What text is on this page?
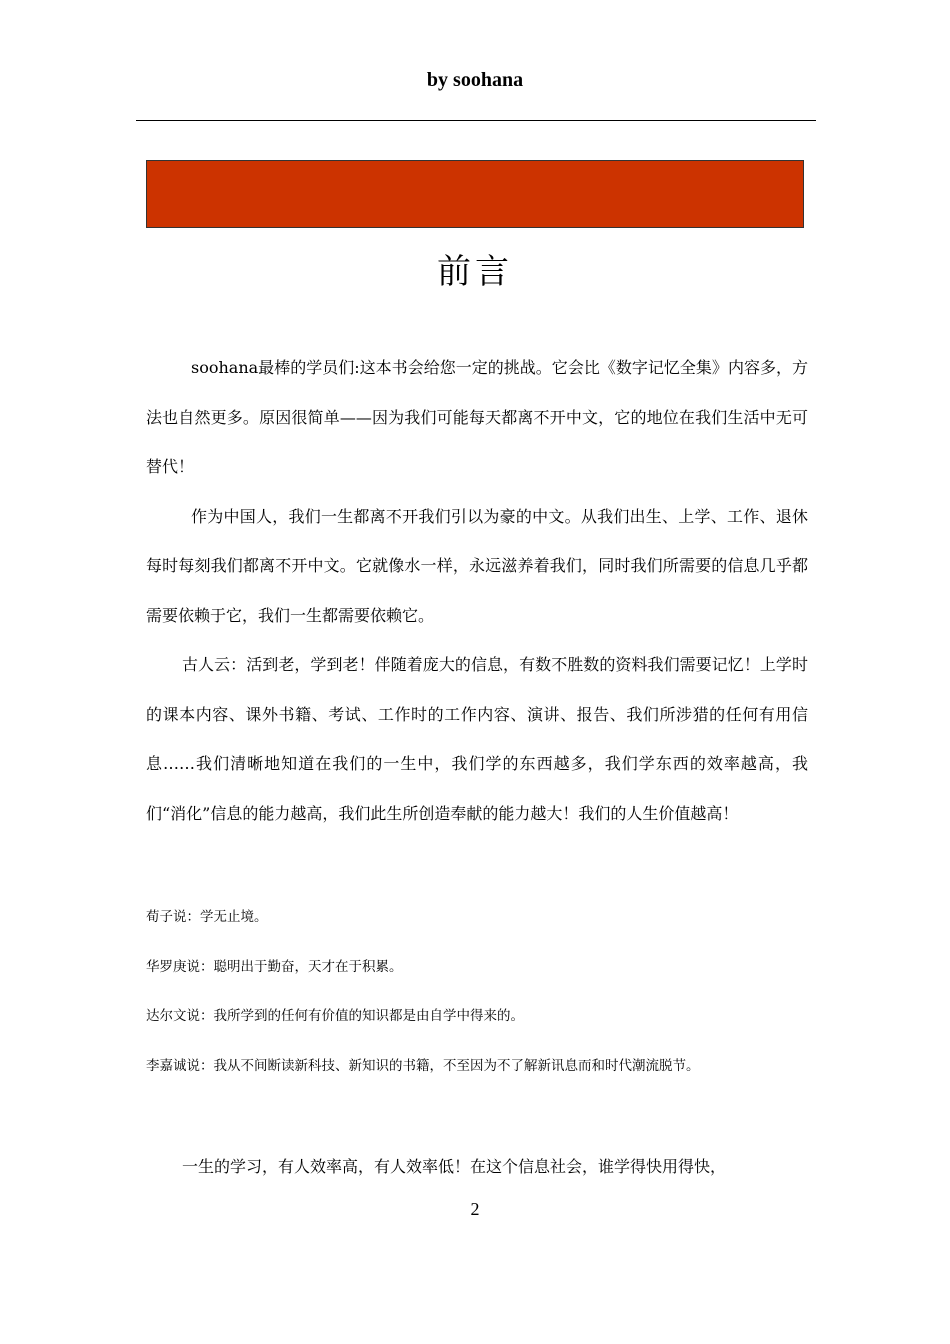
by soohana
前言

soohana最棒的学员们:这本书会给您一定的挑战。它会比《数字记忆全集》内容多，方法也自然更多。原因很简单——因为我们可能每天都离不开中文，它的地位在我们生活中无可替代！

作为中国人，我们一生都离不开我们引以为豪的中文。从我们出生、上学、工作、退休每时每刻我们都离不开中文。它就像水一样，永远滋养着我们，同时我们所需要的信息几乎都需要依赖于它，我们一生都需要依赖它。

古人云：活到老，学到老！伴随着庞大的信息，有数不胜数的资料我们需要记忆！上学时的课本内容、课外书籍、考试、工作时的工作内容、演讲、报告、我们所涉猎的任何有用信息……我们清晰地知道在我们的一生中，我们学的东西越多，我们学东西的效率越高，我们“消化”信息的能力越高，我们此生所创造奉献的能力越大！我们的人生价值越高！

荀子说：学无止境。

华罗庚说：聪明出于勤奋，天才在于积累。

达尔文说：我所学到的任何有价值的知识都是由自学中得来的。

李嘉诚说：我从不间断读新科技、新知识的书籍，不至因为不了解新讯息而和时代潮流脱节。

一生的学习，有人效率高，有人效率低！在这个信息社会，谁学得快用得快，

2
